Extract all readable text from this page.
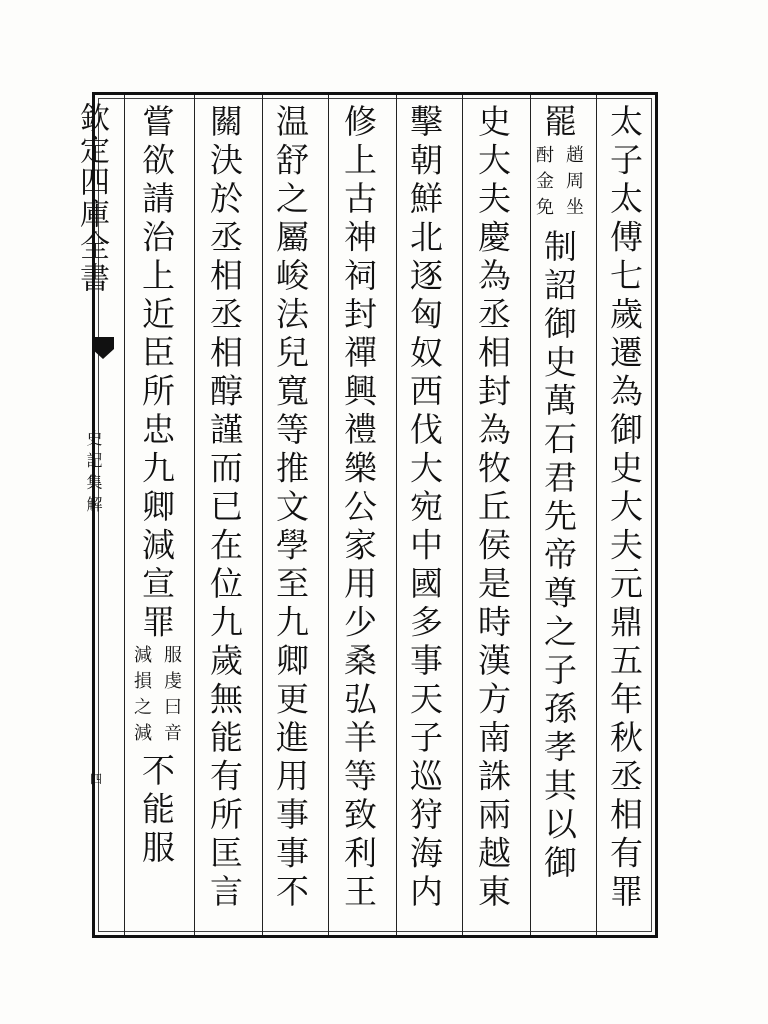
欽定四庫全書
史記集解
四	太子太傅七歲遷為御史大夫元鼎五年秋丞相有罪
罷
趙周坐
酎金免
制詔御史萬石君先帝尊之子孫孝其以御
史大夫慶為丞相封為牧丘侯是時漢方南誅兩越東
擊朝鮮北逐匈奴西伐大宛中國多事天子巡狩海内
修上古神祠封禪興禮樂公家用少桑弘羊等致利王
温舒之屬峻法兒寬等推文學至九卿更進用事事不
關決於丞相丞相醇謹而已在位九歲無能有所匡言
嘗欲請治上近臣所忠九卿減宣罪
服虔曰音
減損之減
不能服
